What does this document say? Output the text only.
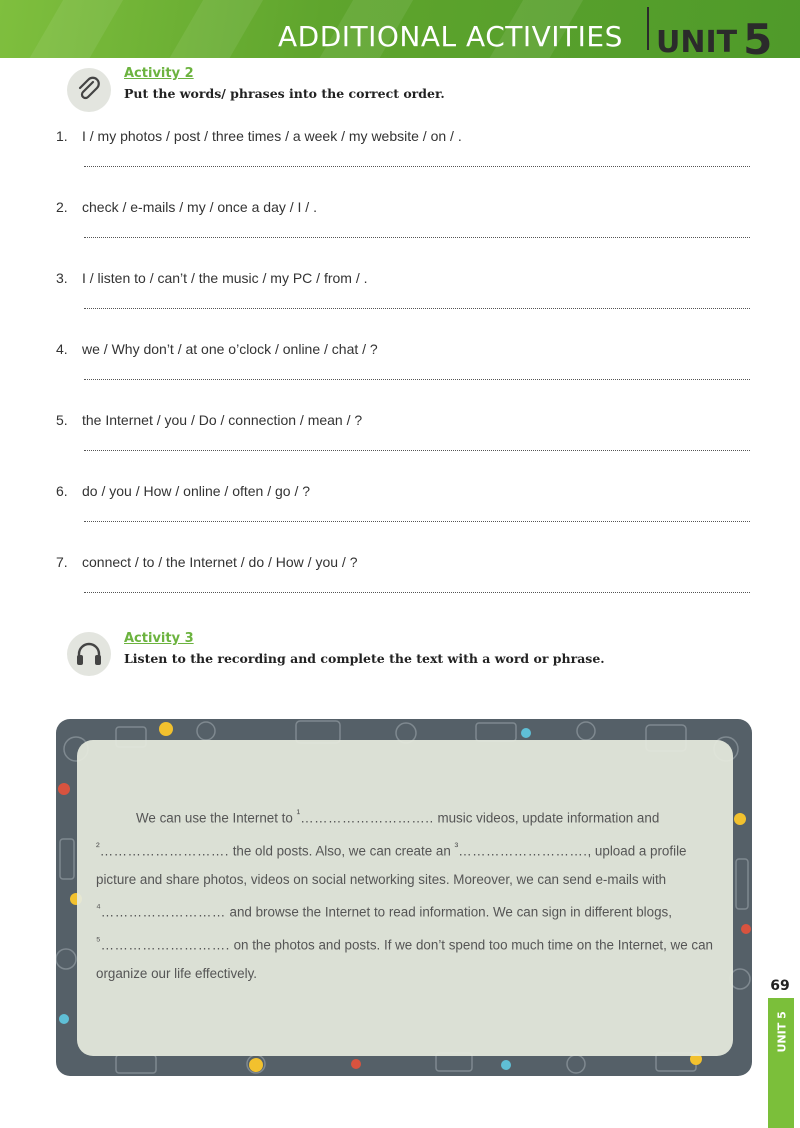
ADDITIONAL ACTIVITIES UNIT 5
Activity 2
Put the words/ phrases into the correct order.
1. I / my photos / post / three times / a week / my website / on / .
2. check / e-mails / my / once a day / I / .
3. I / listen to / can’t / the music / my PC / from / .
4. we / Why don’t / at one o’clock / online / chat / ?
5. the Internet / you / Do / connection / mean / ?
6. do / you / How / online / often / go / ?
7. connect / to / the Internet / do / How / you / ?
Activity 3
Listen to the recording and complete the text with a word or phrase.
We can use the Internet to $^{^1}$……………………….. music videos, update information and
$^{^2}$………………………. the old posts. Also, we can create an $^{^3}$………………………., upload a profile picture and share photos, videos on social networking sites. Moreover, we can send e-mails with $^{^4}$……………………… and browse the Internet to read information. We can sign in different blogs, $^{^5}$………………………. on the photos and posts. If we don’t spend too much time on the Internet, we can organize our life effectively.
69
UNIT 5
